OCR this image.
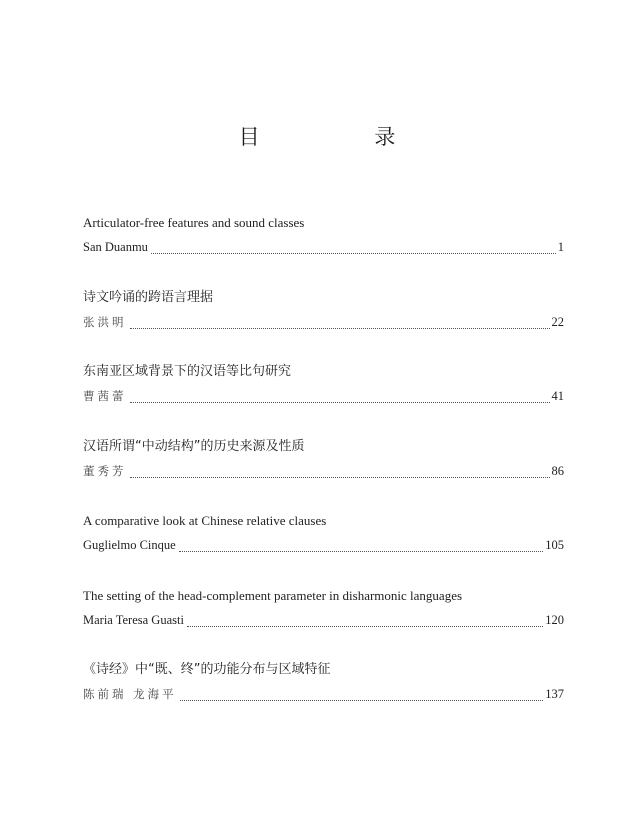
目 录
Articulator-free features and sound classes
San Duanmu	1
诗文吟诵的跨语言理据
张洪明	22
东南亚区域背景下的汉语等比句研究
曹茜蕾	41
汉语所谓“中动结构”的历史来源及性质
董秀芳	86
A comparative look at Chinese relative clauses
Guglielmo Cinque	105
The setting of the head-complement parameter in disharmonic languages
Maria Teresa Guasti	120
《诗经》中“既、终”的功能分布与区域特征
陈前瑞 龙海平	137
